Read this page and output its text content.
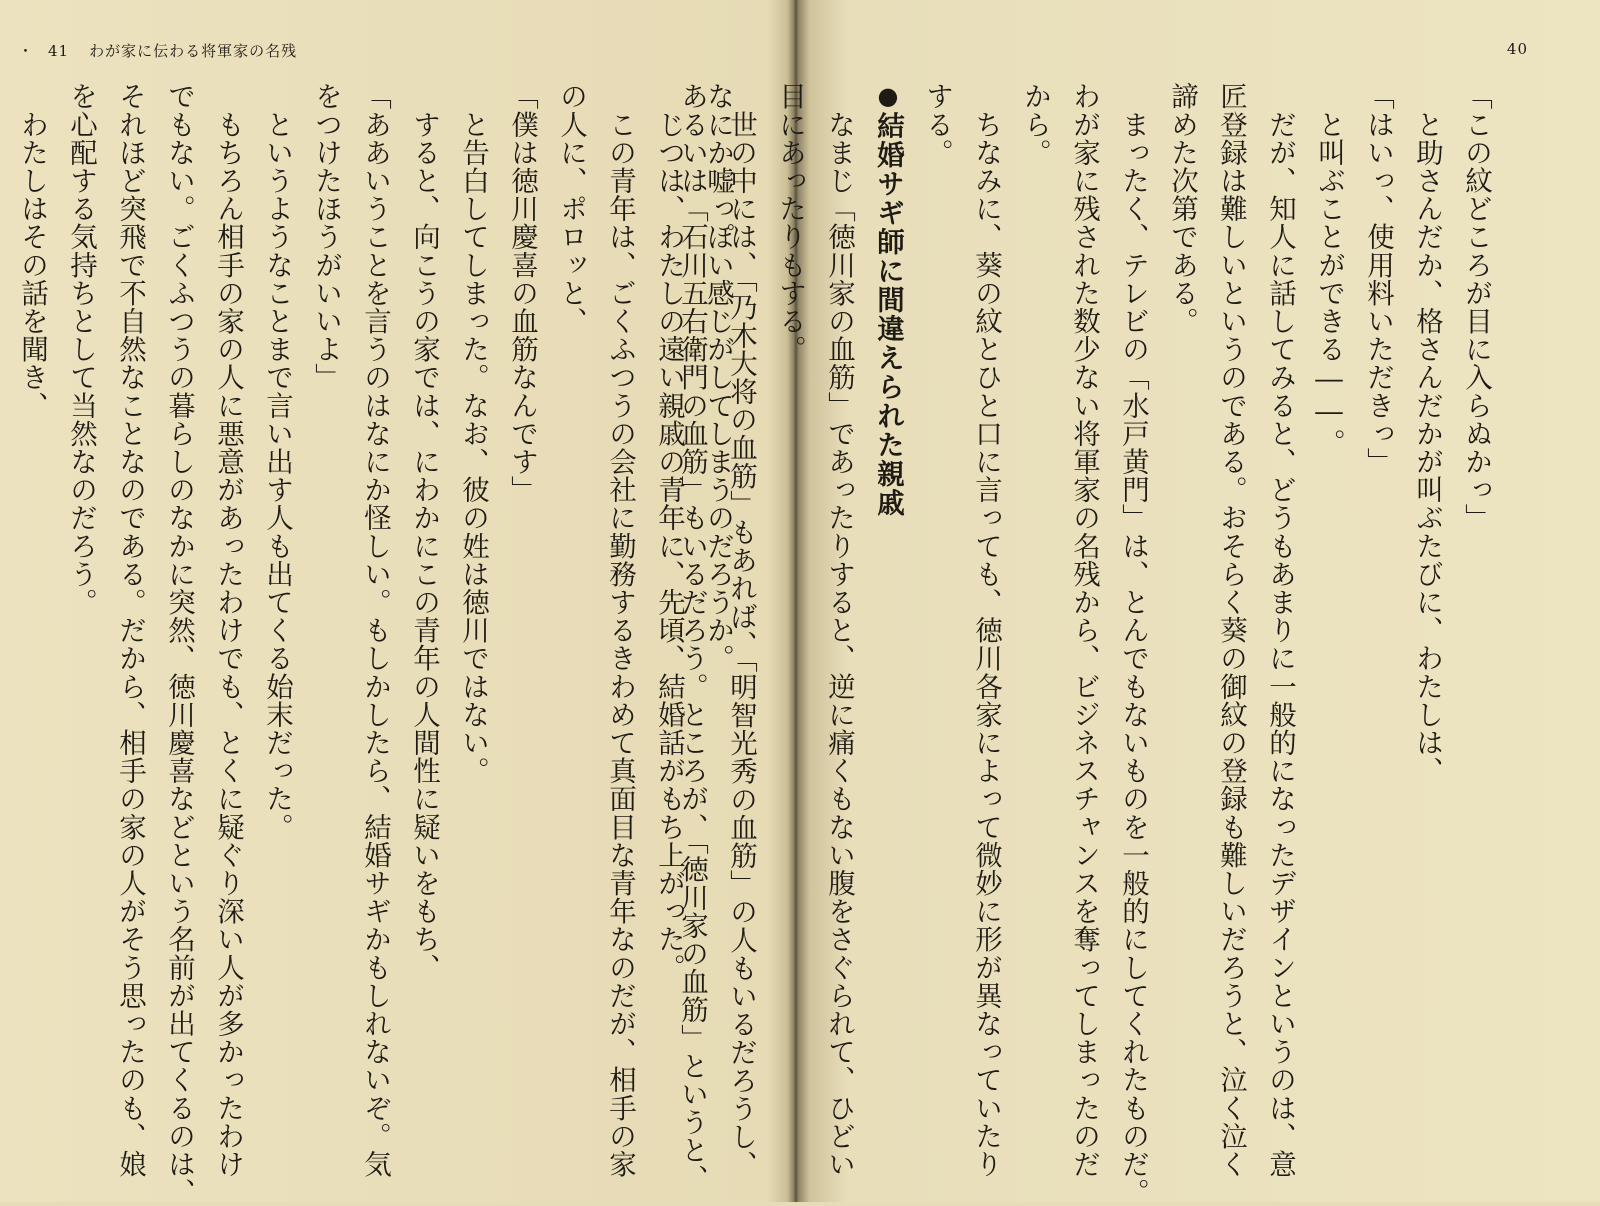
・ 41 わが家に伝わる将軍家の名残
なにか嘘っぽい感じがしてしまうのだろうか。
　じつは、わたしの遠い親戚の青年に、先頃、結婚話がもち上がった。
　この青年は、ごくふつうの会社に勤務するきわめて真面目な青年なのだが、相手の家
の人に、ポロッと、
「僕は徳川慶喜の血筋なんです」
　と告白してしまった。なお、彼の姓は徳川ではない。
　すると、向こうの家では、にわかにこの青年の人間性に疑いをもち、
「ああいうことを言うのはなにか怪しい。もしかしたら、結婚サギかもしれないぞ。気
をつけたほうがいいよ」
　というようなことまで言い出す人も出てくる始末だった。
　もちろん相手の家の人に悪意があったわけでも、とくに疑ぐり深い人が多かったわけ
でもない。ごくふつうの暮らしのなかに突然、徳川慶喜などという名前が出てくるのは、
それほど突飛で不自然なことなのである。だから、相手の家の人がそう思ったのも、娘
を心配する気持ちとして当然なのだろう。
　わたしはその話を聞き、
40
「この紋どころが目に入らぬかっ」
　と助さんだか、格さんだかが叫ぶたびに、わたしは、
「はいっ、使用料いただきっ」
　と叫ぶことができる――。
　だが、知人に話してみると、どうもあまりに一般的になったデザインというのは、意
匠登録は難しいというのである。おそらく葵の御紋の登録も難しいだろうと、泣く泣く
諦めた次第である。
　まったく、テレビの「水戸黄門」は、とんでもないものを一般的にしてくれたものだ。
わが家に残された数少ない将軍家の名残から、ビジネスチャンスを奪ってしまったのだ
から。
　ちなみに、葵の紋とひと口に言っても、徳川各家によって微妙に形が異なっていたり
する。
●結婚サギ師に間違えられた親戚
　なまじ「徳川家の血筋」であったりすると、逆に痛くもない腹をさぐられて、ひどい
目にあったりもする。
　世の中には、「乃木大将の血筋」もあれば、「明智光秀の血筋」の人もいるだろうし、
あるいは「石川五右衛門の血筋」もいるだろう。ところが、「徳川家の血筋」というと、
